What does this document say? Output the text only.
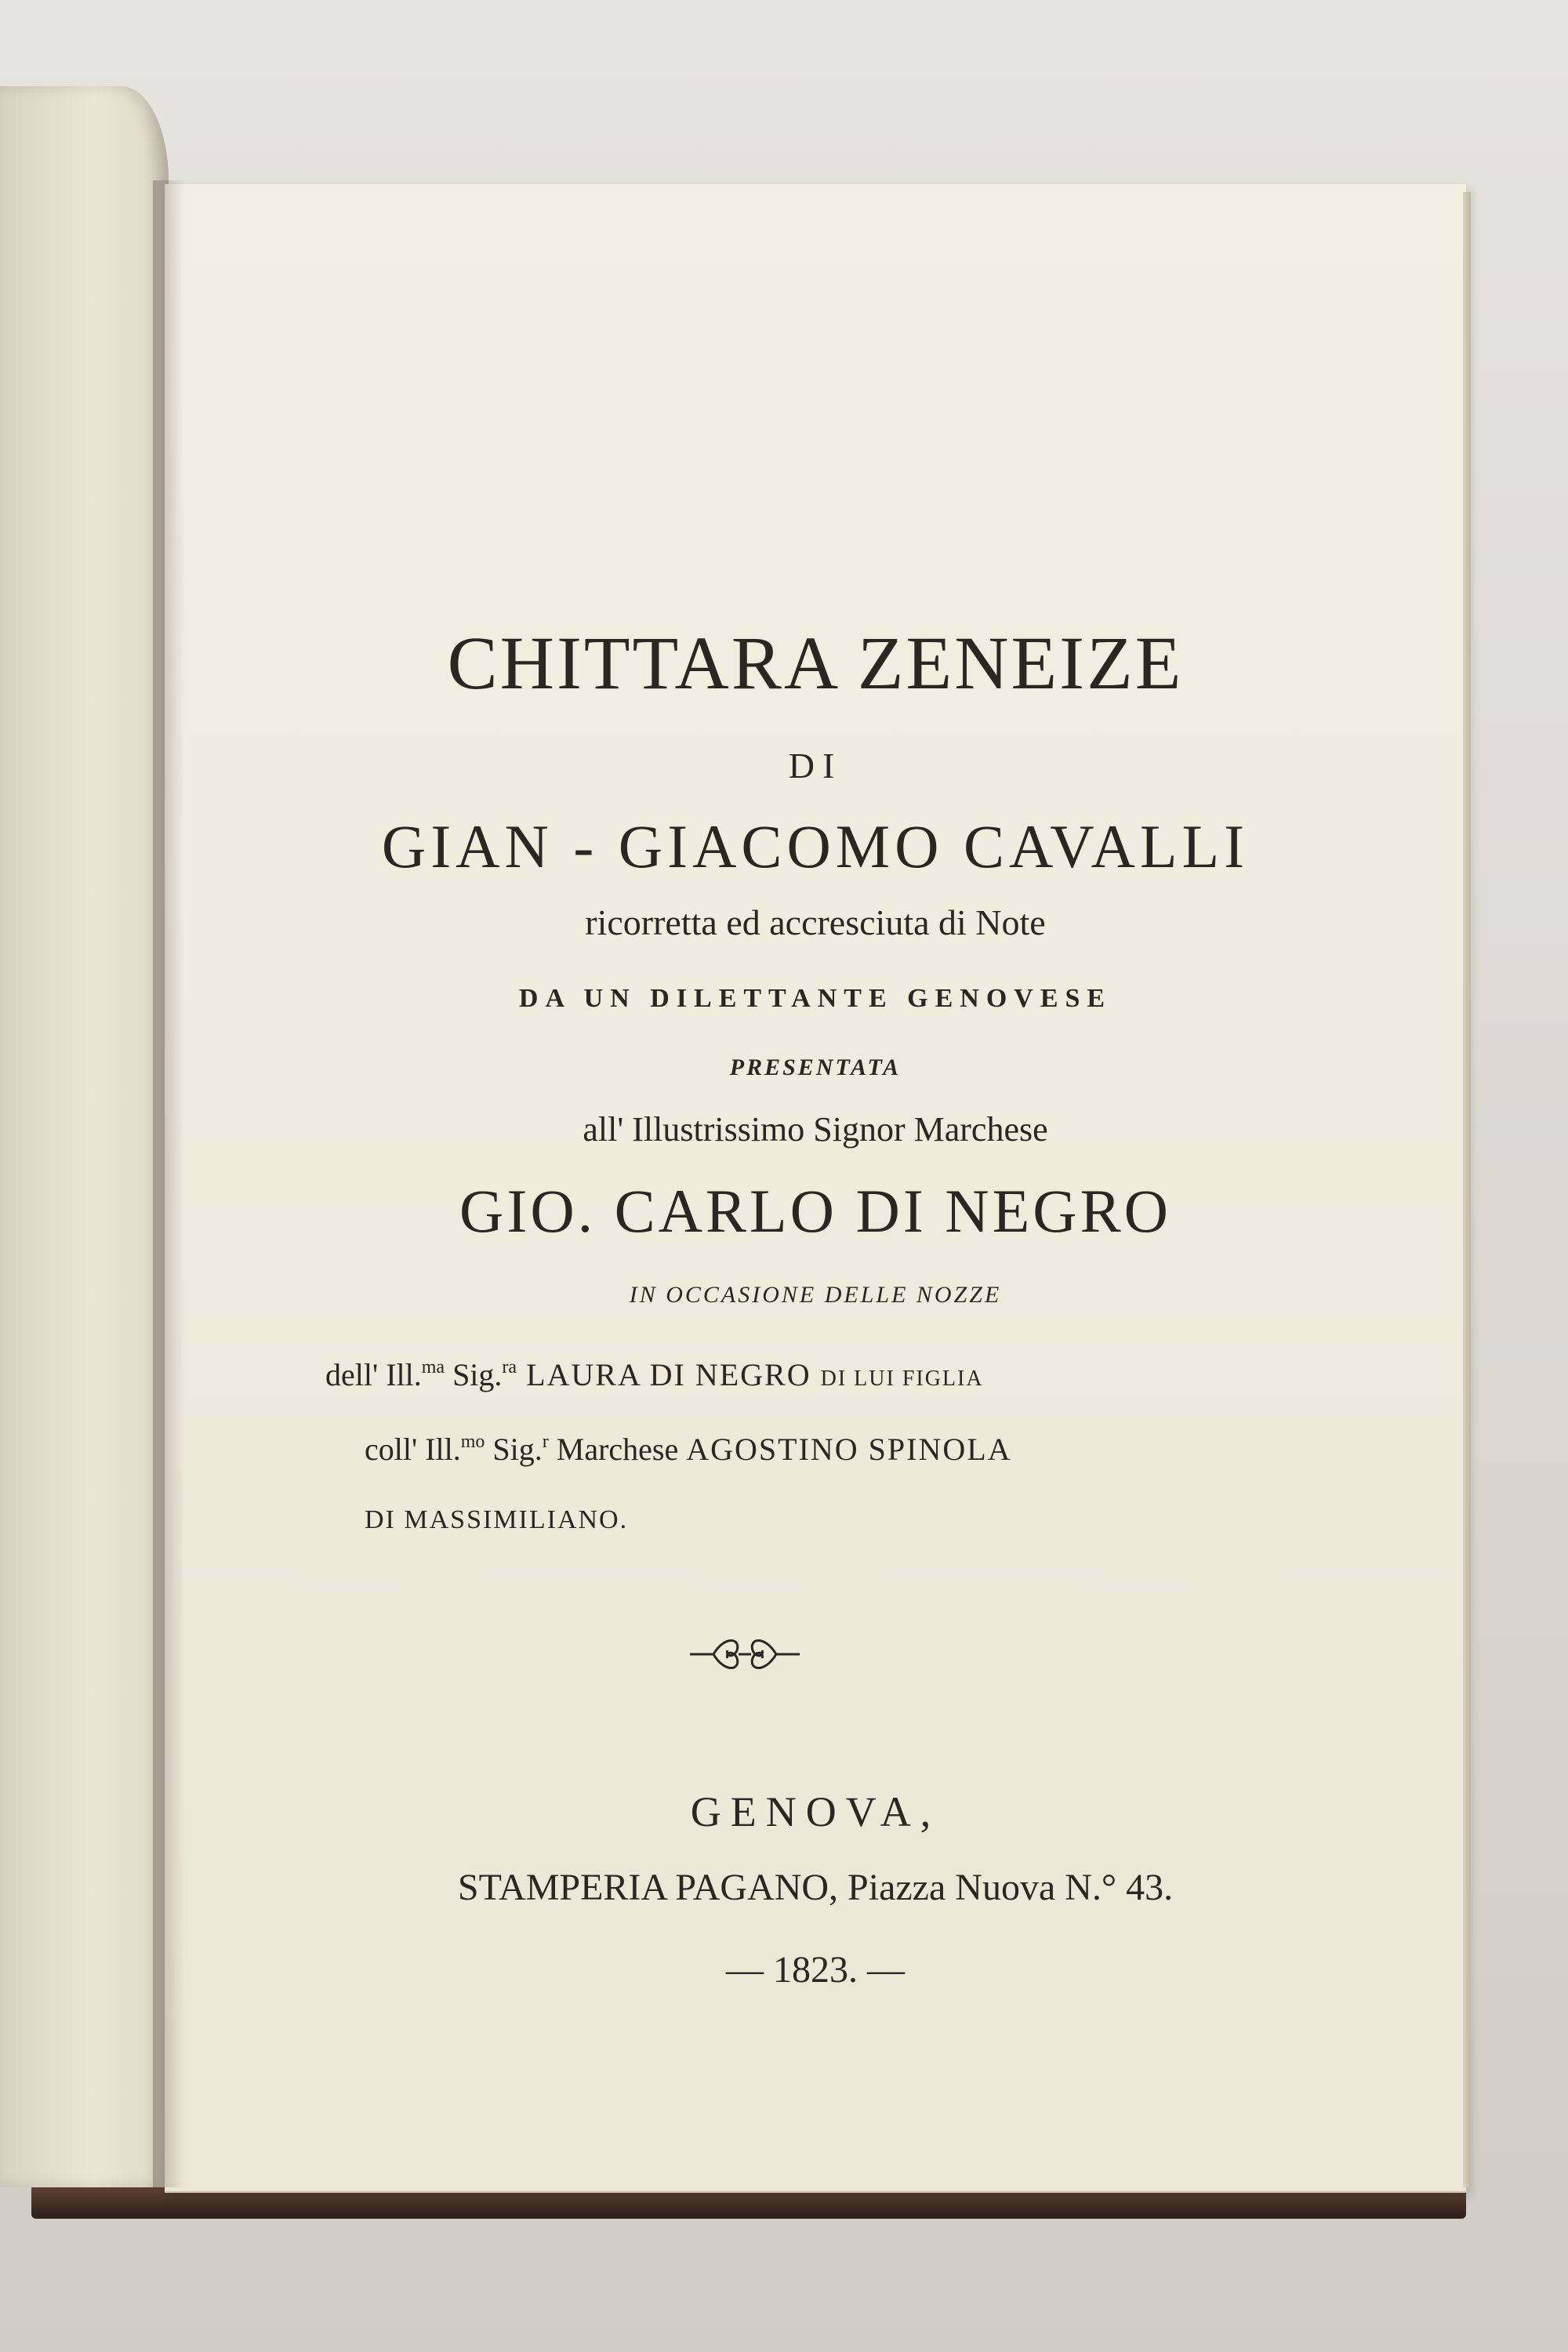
CHITTARA ZENEIZE
DI
GIAN - GIACOMO CAVALLI
ricorretta ed accresciuta di Note
DA UN DILETTANTE GENOVESE
PRESENTATA
all' Illustrissimo Signor Marchese
GIO. CARLO DI NEGRO
IN OCCASIONE DELLE NOZZE
dell' Ill.$^{ma}$ Sig.$^{ra}$ LAURA DI NEGRO DI LUI FIGLIA
coll' Ill.$^{mo}$ Sig.$^r$ Marchese AGOSTINO SPINOLA
DI MASSIMILIANO.
GENOVA,
STAMPERIA PAGANO, Piazza Nuova N.° 43.
— 1823. —
